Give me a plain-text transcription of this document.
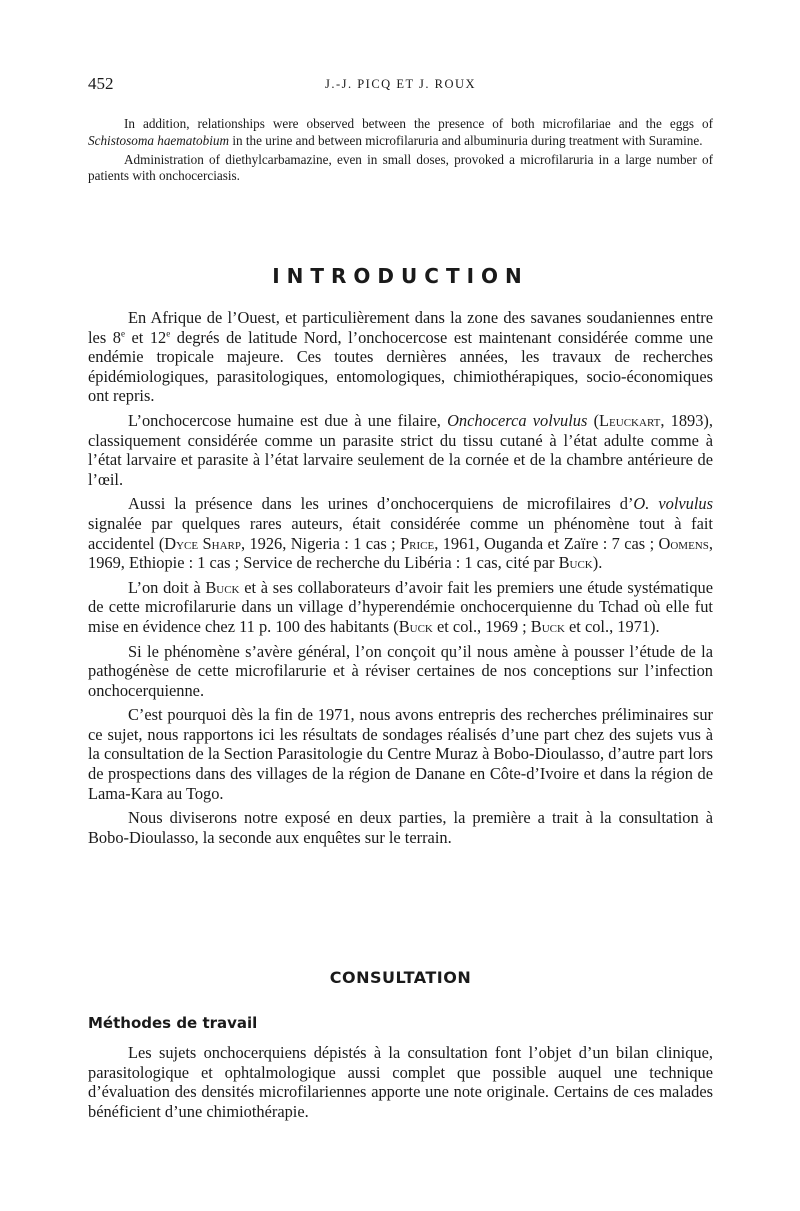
452	J.-J. PICQ ET J. ROUX

In addition, relationships were observed between the presence of both microfilariae and the eggs of Schistosoma haematobium in the urine and between microfilaruria and albuminuria during treatment with Suramine.

Administration of diethylcarbamazine, even in small doses, provoked a microfilaruria in a large number of patients with onchocerciasis.

INTRODUCTION

En Afrique de l’Ouest, et particulièrement dans la zone des savanes soudaniennes entre les 8e et 12e degrés de latitude Nord, l’onchocercose est maintenant considérée comme une endémie tropicale majeure. Ces toutes dernières années, les travaux de recherches épidémiologiques, parasitologiques, entomologiques, chimiothérapiques, socio-économiques ont repris.

L’onchocercose humaine est due à une filaire, Onchocerca volvulus (Leuckart, 1893), classiquement considérée comme un parasite strict du tissu cutané à l’état adulte comme à l’état larvaire et parasite à l’état larvaire seulement de la cornée et de la chambre antérieure de l’œil.

Aussi la présence dans les urines d’onchocerquiens de microfilaires d’O. volvulus signalée par quelques rares auteurs, était considérée comme un phénomène tout à fait accidentel (Dyce Sharp, 1926, Nigeria : 1 cas ; Price, 1961, Ouganda et Zaïre : 7 cas ; Oomens, 1969, Ethiopie : 1 cas ; Service de recherche du Libéria : 1 cas, cité par Buck).

L’on doit à Buck et à ses collaborateurs d’avoir fait les premiers une étude systématique de cette microfilarurie dans un village d’hyperendémie onchocerquienne du Tchad où elle fut mise en évidence chez 11 p. 100 des habitants (Buck et col., 1969 ; Buck et col., 1971).

Si le phénomène s’avère général, l’on conçoit qu’il nous amène à pousser l’étude de la pathogénèse de cette microfilarurie et à réviser certaines de nos conceptions sur l’infection onchocerquienne.

C’est pourquoi dès la fin de 1971, nous avons entrepris des recherches préliminaires sur ce sujet, nous rapportons ici les résultats de sondages réalisés d’une part chez des sujets vus à la consultation de la Section Parasitologie du Centre Muraz à Bobo-Dioulasso, d’autre part lors de prospections dans des villages de la région de Danane en Côte-d’Ivoire et dans la région de Lama-Kara au Togo.

Nous diviserons notre exposé en deux parties, la première a trait à la consultation à Bobo-Dioulasso, la seconde aux enquêtes sur le terrain.

CONSULTATION
Méthodes de travail

Les sujets onchocerquiens dépistés à la consultation font l’objet d’un bilan clinique, parasitologique et ophtalmologique aussi complet que possible auquel une technique d’évaluation des densités microfilariennes apporte une note originale. Certains de ces malades bénéficient d’une chimiothérapie.
